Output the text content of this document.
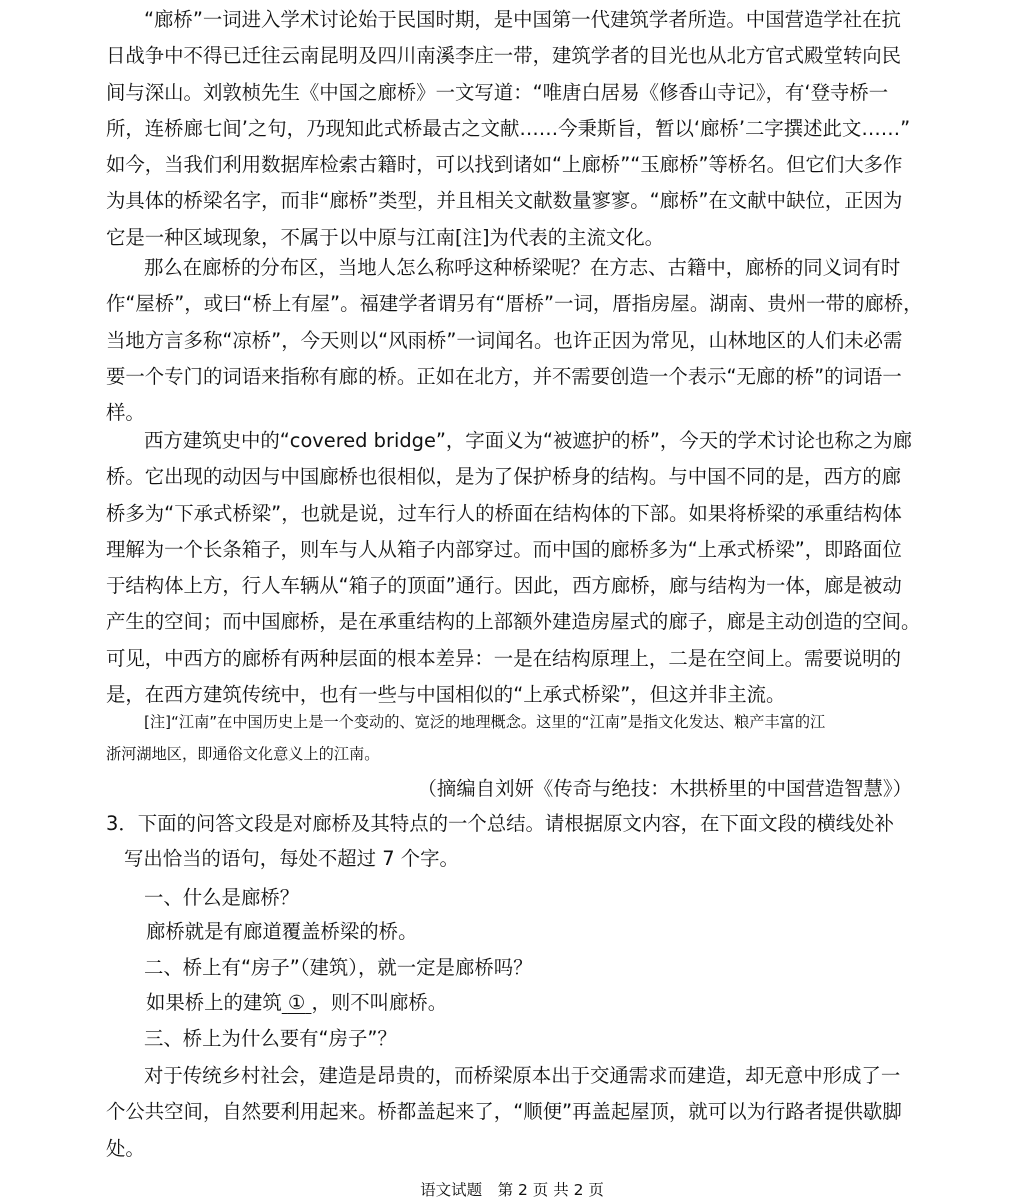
“廊桥”一词进入学术讨论始于民国时期，是中国第一代建筑学者所造。中国营造学社在抗
日战争中不得已迁往云南昆明及四川南溪李庄一带，建筑学者的目光也从北方官式殿堂转向民
间与深山。刘敦桢先生《中国之廊桥》一文写道：“唯唐白居易《修香山寺记》，有‘登寺桥一
所，连桥廊七间’之句，乃现知此式桥最古之文献……今秉斯旨，暂以‘廊桥’二字撰述此文……”
如今，当我们利用数据库检索古籍时，可以找到诸如“上廊桥”“玉廊桥”等桥名。但它们大多作
为具体的桥梁名字，而非“廊桥”类型，并且相关文献数量寥寥。“廊桥”在文献中缺位，正因为
它是一种区域现象，不属于以中原与江南[注]为代表的主流文化。
那么在廊桥的分布区，当地人怎么称呼这种桥梁呢？在方志、古籍中，廊桥的同义词有时
作“屋桥”，或曰“桥上有屋”。福建学者谓另有“厝桥”一词，厝指房屋。湖南、贵州一带的廊桥，
当地方言多称“凉桥”，今天则以“风雨桥”一词闻名。也许正因为常见，山林地区的人们未必需
要一个专门的词语来指称有廊的桥。正如在北方，并不需要创造一个表示“无廊的桥”的词语一
样。
西方建筑史中的“covered bridge”，字面义为“被遮护的桥”，今天的学术讨论也称之为廊
桥。它出现的动因与中国廊桥也很相似，是为了保护桥身的结构。与中国不同的是，西方的廊
桥多为“下承式桥梁”，也就是说，过车行人的桥面在结构体的下部。如果将桥梁的承重结构体
理解为一个长条箱子，则车与人从箱子内部穿过。而中国的廊桥多为“上承式桥梁”，即路面位
于结构体上方，行人车辆从“箱子的顶面”通行。因此，西方廊桥，廊与结构为一体，廊是被动
产生的空间；而中国廊桥，是在承重结构的上部额外建造房屋式的廊子，廊是主动创造的空间。
可见，中西方的廊桥有两种层面的根本差异：一是在结构原理上，二是在空间上。需要说明的
是，在西方建筑传统中，也有一些与中国相似的“上承式桥梁”，但这并非主流。
[注]“江南”在中国历史上是一个变动的、宽泛的地理概念。这里的“江南”是指文化发达、粮产丰富的江
浙河湖地区，即通俗文化意义上的江南。
（摘编自刘妍《传奇与绝技：木拱桥里的中国营造智慧》）
3．下面的问答文段是对廊桥及其特点的一个总结。请根据原文内容，在下面文段的横线处补
写出恰当的语句，每处不超过 7 个字。
一、什么是廊桥？
廊桥就是有廊道覆盖桥梁的桥。
二、桥上有“房子”（建筑），就一定是廊桥吗？
如果桥上的建筑 ① ，则不叫廊桥。
三、桥上为什么要有“房子”？
对于传统乡村社会，建造是昂贵的，而桥梁原本出于交通需求而建造，却无意中形成了一
个公共空间，自然要利用起来。桥都盖起来了，“顺便”再盖起屋顶，就可以为行路者提供歇脚
处。
语文试题　第 2 页 共 2 页
